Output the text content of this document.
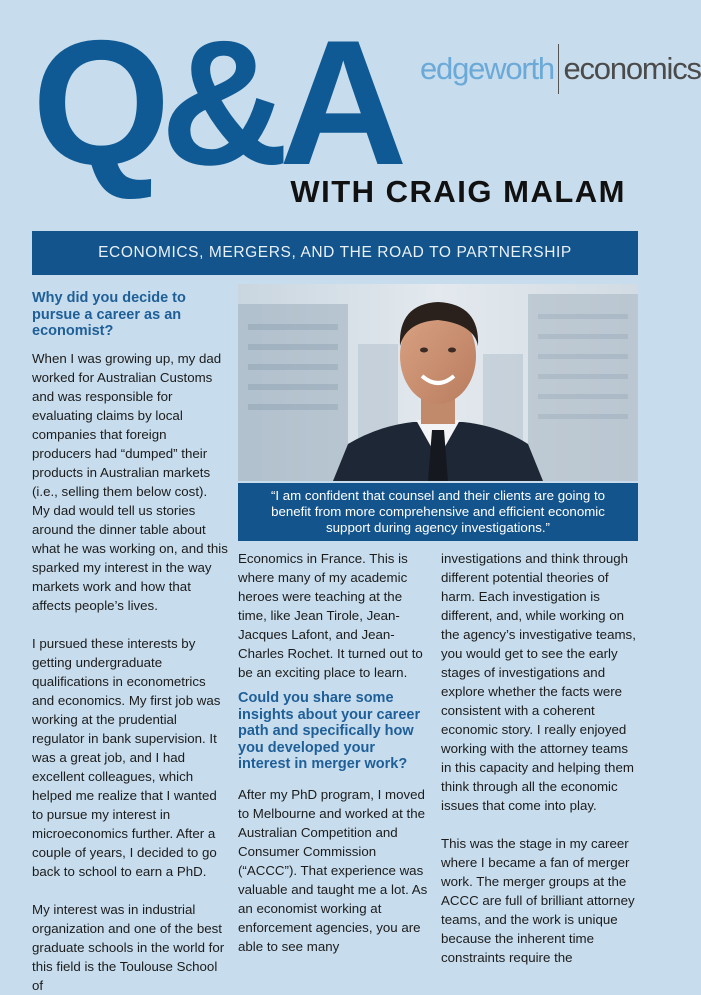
Q&A edgeworth economics
WITH CRAIG MALAM
ECONOMICS, MERGERS, AND THE ROAD TO PARTNERSHIP
Why did you decide to pursue a career as an economist?
When I was growing up, my dad worked for Australian Customs and was responsible for evaluating claims by local companies that foreign producers had “dumped” their products in Australian markets (i.e., selling them below cost). My dad would tell us stories around the dinner table about what he was working on, and this sparked my interest in the way markets work and how that affects people’s lives.
I pursued these interests by getting undergraduate qualifications in econometrics and economics. My first job was working at the prudential regulator in bank supervision. It was a great job, and I had excellent colleagues, which helped me realize that I wanted to pursue my interest in microeconomics further. After a couple of years, I decided to go back to school to earn a PhD.
My interest was in industrial organization and one of the best graduate schools in the world for this field is the Toulouse School of
“I am confident that counsel and their clients are going to benefit from more comprehensive and efficient economic support during agency investigations.”
Economics in France. This is where many of my academic heroes were teaching at the time, like Jean Tirole, Jean-Jacques Lafont, and Jean-Charles Rochet. It turned out to be an exciting place to learn.
Could you share some insights about your career path and specifically how you developed your interest in merger work?
After my PhD program, I moved to Melbourne and worked at the Australian Competition and Consumer Commission (“ACCC”). That experience was valuable and taught me a lot. As an economist working at enforcement agencies, you are able to see many
investigations and think through different potential theories of harm. Each investigation is different, and, while working on the agency’s investigative teams, you would get to see the early stages of investigations and explore whether the facts were consistent with a coherent economic story. I really enjoyed working with the attorney teams in this capacity and helping them think through all the economic issues that come into play.
This was the stage in my career where I became a fan of merger work. The merger groups at the ACCC are full of brilliant attorney teams, and the work is unique because the inherent time constraints require the
